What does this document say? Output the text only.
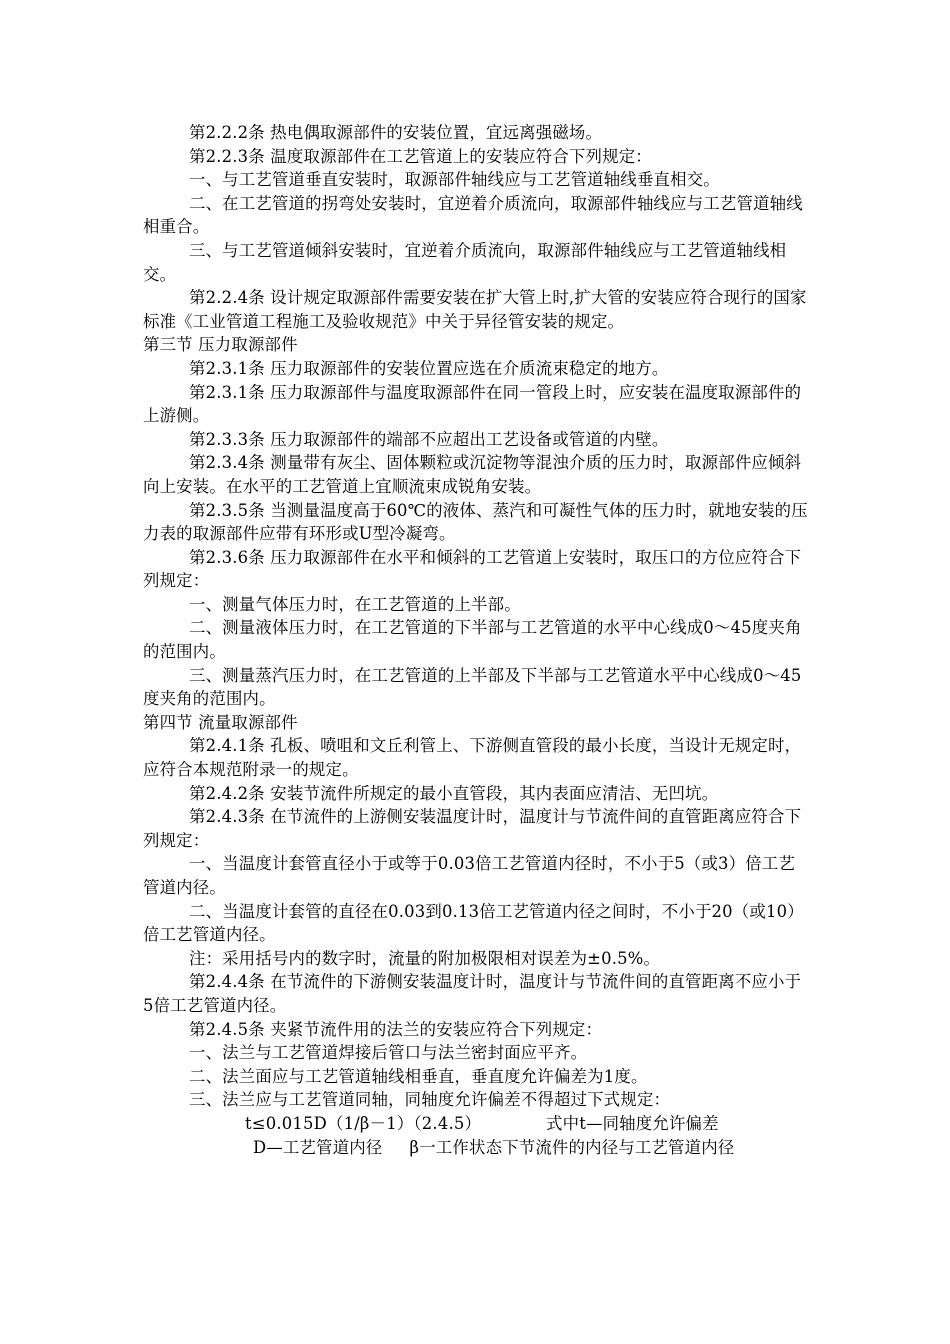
第2.2.2条 热电偶取源部件的安装位置，宜远离强磁场。

第2.2.3条 温度取源部件在工艺管道上的安装应符合下列规定：

一、与工艺管道垂直安装时，取源部件轴线应与工艺管道轴线垂直相交。

二、在工艺管道的拐弯处安装时，宜逆着介质流向，取源部件轴线应与工艺管道轴线相重合。

三、与工艺管道倾斜安装时，宜逆着介质流向，取源部件轴线应与工艺管道轴线相交。

第2.2.4条 设计规定取源部件需要安装在扩大管上时,扩大管的安装应符合现行的国家标准《工业管道工程施工及验收规范》中关于异径管安装的规定。

第三节 压力取源部件

第2.3.1条 压力取源部件的安装位置应选在介质流束稳定的地方。

第2.3.1条 压力取源部件与温度取源部件在同一管段上时，应安装在温度取源部件的上游侧。

第2.3.3条 压力取源部件的端部不应超出工艺设备或管道的内壁。

第2.3.4条 测量带有灰尘、固体颗粒或沉淀物等混浊介质的压力时，取源部件应倾斜向上安装。在水平的工艺管道上宜顺流束成锐角安装。

第2.3.5条 当测量温度高于60℃的液体、蒸汽和可凝性气体的压力时，就地安装的压力表的取源部件应带有环形或U型冷凝弯。

第2.3.6条 压力取源部件在水平和倾斜的工艺管道上安装时，取压口的方位应符合下列规定：

一、测量气体压力时，在工艺管道的上半部。

二、测量液体压力时，在工艺管道的下半部与工艺管道的水平中心线成0～45度夹角的范围内。

三、测量蒸汽压力时，在工艺管道的上半部及下半部与工艺管道水平中心线成0～45度夹角的范围内。

第四节 流量取源部件

第2.4.1条 孔板、喷咀和文丘利管上、下游侧直管段的最小长度，当设计无规定时，应符合本规范附录一的规定。

第2.4.2条 安装节流件所规定的最小直管段，其内表面应清洁、无凹坑。

第2.4.3条 在节流件的上游侧安装温度计时，温度计与节流件间的直管距离应符合下列规定：

一、当温度计套管直径小于或等于0.03倍工艺管道内径时，不小于5（或3）倍工艺管道内径。

二、当温度计套管的直径在0.03到0.13倍工艺管道内径之间时，不小于20（或10）倍工艺管道内径。

注：采用括号内的数字时，流量的附加极限相对误差为±0.5%。

第2.4.4条 在节流件的下游侧安装温度计时，温度计与节流件间的直管距离不应小于5倍工艺管道内径。

第2.4.5条 夹紧节流件用的法兰的安装应符合下列规定：

一、法兰与工艺管道焊接后管口与法兰密封面应平齐。

二、法兰面应与工艺管道轴线相垂直，垂直度允许偏差为1度。

三、法兰应与工艺管道同轴，同轴度允许偏差不得超过下式规定：

t≤0.015D（1/β－1）（2.4.5）            式中t—同轴度允许偏差

D—工艺管道内径     β一工作状态下节流件的内径与工艺管道内径
